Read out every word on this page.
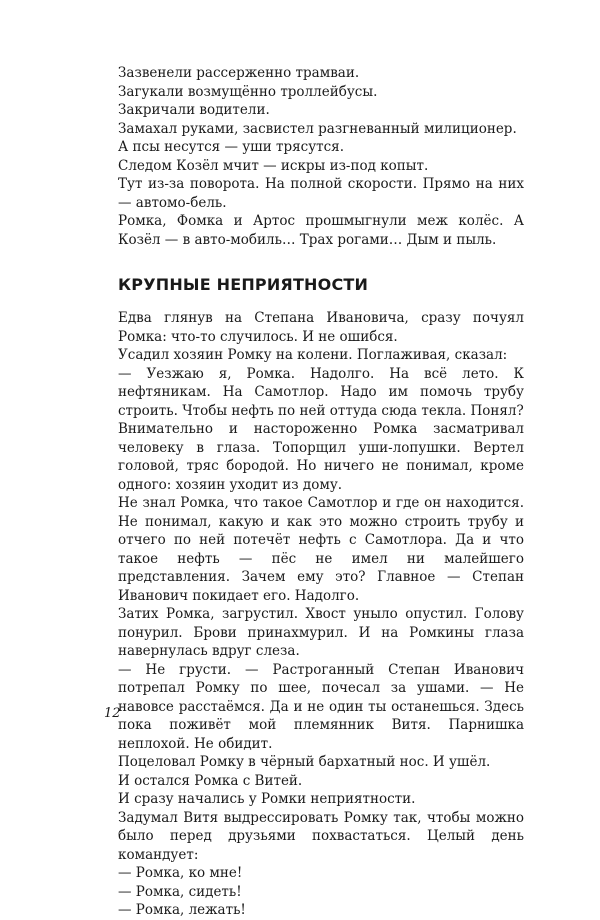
Зазвенели рассерженно трамваи.

Загукали возмущённо троллейбусы.

Закричали водители.

Замахал руками, засвистел разгневанный милиционер.

А псы несутся — уши трясутся.

Следом Козёл мчит — искры из-под копыт.

Тут из-за поворота. На полной скорости. Прямо на них — автомо-бель.

Ромка, Фомка и Артос прошмыгнули меж колёс. А Козёл — в авто-мобиль… Трах рогами… Дым и пыль.

КРУПНЫЕ НЕПРИЯТНОСТИ

Едва глянув на Степана Ивановича, сразу почуял Ромка: что-то случилось. И не ошибся.

Усадил хозяин Ромку на колени. Поглаживая, сказал:

— Уезжаю я, Ромка. Надолго. На всё лето. К нефтяникам. На Самотлор. Надо им помочь трубу строить. Чтобы нефть по ней оттуда сюда текла. Понял?

Внимательно и настороженно Ромка засматривал человеку в глаза. Топорщил уши-лопушки. Вертел головой, тряс бородой. Но ничего не понимал, кроме одного: хозяин уходит из дому.

Не знал Ромка, что такое Самотлор и где он находится. Не понимал, какую и как это можно строить трубу и отчего по ней потечёт нефть с Самотлора. Да и что такое нефть — пёс не имел ни малейшего представления. Зачем ему это? Главное — Степан Иванович покидает его. Надолго.

Затих Ромка, загрустил. Хвост уныло опустил. Голову понурил. Брови принахмурил. И на Ромкины глаза навернулась вдруг слеза.

— Не грусти. — Растроганный Степан Иванович потрепал Ромку по шее, почесал за ушами. — Не навовсе расстаёмся. Да и не один ты останешься. Здесь пока поживёт мой племянник Витя. Парнишка неплохой. Не обидит.

Поцеловал Ромку в чёрный бархатный нос. И ушёл.

И остался Ромка с Витей.

И сразу начались у Ромки неприятности.

Задумал Витя выдрессировать Ромку так, чтобы можно было перед друзьями похвастаться. Целый день командует:

— Ромка, ко мне!

— Ромка, сидеть!

— Ромка, лежать!

12
